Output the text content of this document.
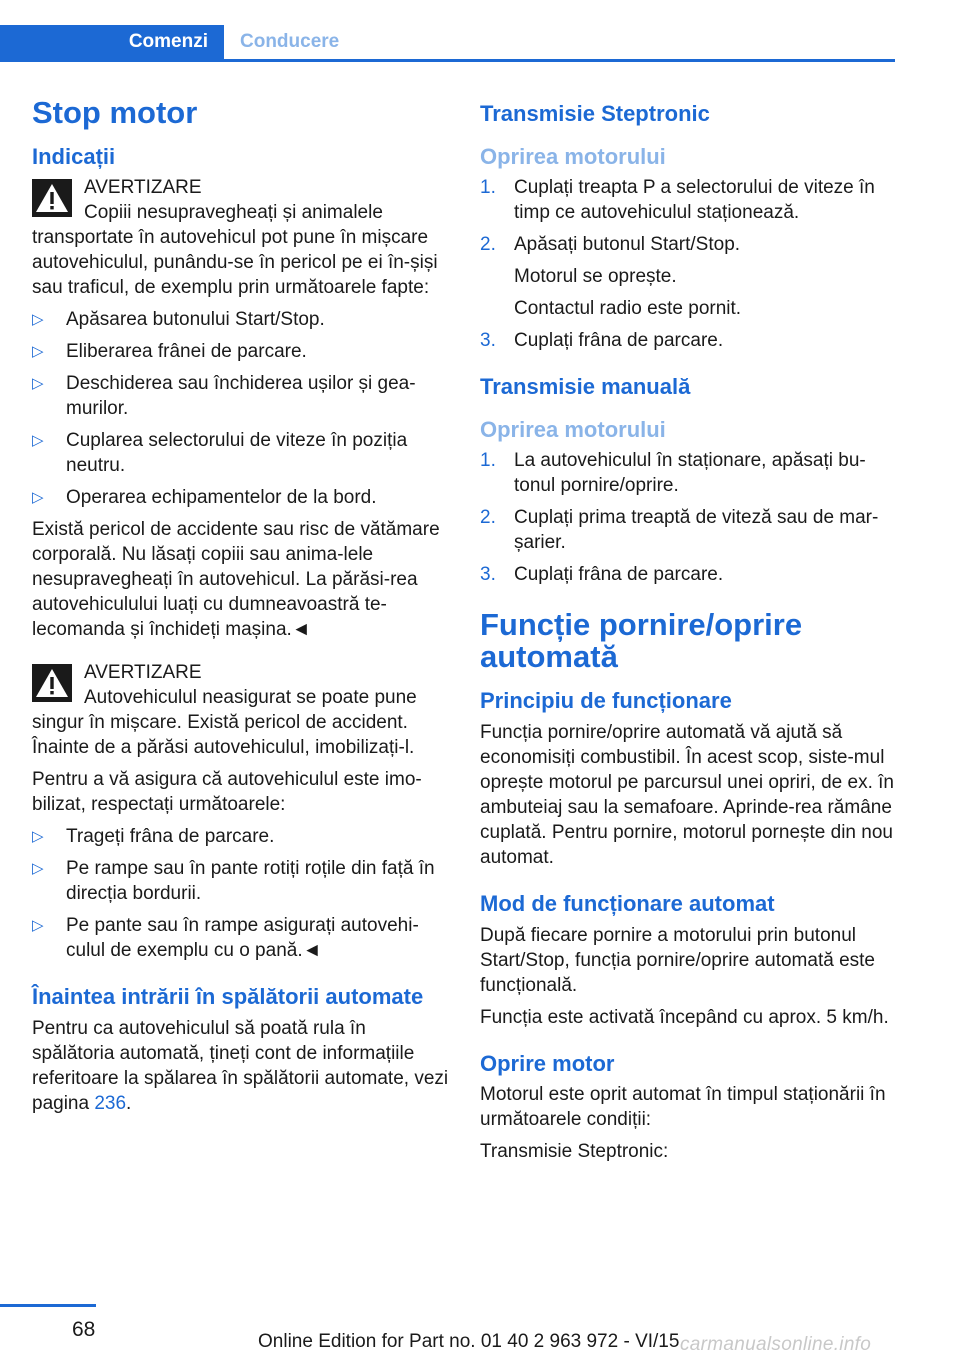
Comenzi	Conducere
Stop motor
Indicații
AVERTIZARE
Copiii nesupravegheați și animalele transportate în autovehicul pot pune în mișcare autovehiculul, punându-se în pericol pe ei în-șiși sau traficul, de exemplu prin următoarele fapte:
▷ Apăsarea butonului Start/Stop.
▷ Eliberarea frânei de parcare.
▷ Deschiderea sau închiderea ușilor și gea-murilor.
▷ Cuplarea selectorului de viteze în poziția neutru.
▷ Operarea echipamentelor de la bord.

Există pericol de accidente sau risc de vătămare corporală. Nu lăsați copiii sau anima-lele nesupravegheați în autovehicul. La părăsi-rea autovehiculului luați cu dumneavoastră te-lecomanda și închideți mașina.◄

AVERTIZARE
Autovehiculul neasigurat se poate pune singur în mișcare. Există pericol de accident. Înainte de a părăsi autovehiculul, imobilizați-l.

Pentru a vă asigura că autovehiculul este imo-bilizat, respectați următoarele:

▷ Trageți frâna de parcare.
▷ Pe rampe sau în pante rotiți roțile din față în direcția bordurii.
▷ Pe pante sau în rampe asigurați autovehi-culul de exemplu cu o pană.◄
Înaintea intrării în spălătorii automate

Pentru ca autovehiculul să poată rula în spălătoria automată, țineți cont de informațiile referitoare la spălarea în spălătorii automate, vezi pagina 236.

Transmisie Steptronic
Oprirea motorului
1. Cuplați treapta P a selectorului de viteze în timp ce autovehiculul staționează.
2. Apăsați butonul Start/Stop.
Motorul se oprește.
Contactul radio este pornit.
3. Cuplați frâna de parcare.
Transmisie manuală
Oprirea motorului
1. La autovehiculul în staționare, apăsați bu-tonul pornire/oprire.
2. Cuplați prima treaptă de viteză sau de mar-șarier.
3. Cuplați frâna de parcare.
Funcție pornire/oprire automată
Principiu de funcționare

Funcția pornire/oprire automată vă ajută să economisiți combustibil. În acest scop, siste-mul oprește motorul pe parcursul unei opriri, de ex. în ambuteiaj sau la semafoare. Aprinde-rea rămâne cuplată. Pentru pornire, motorul pornește din nou automat.

Mod de funcționare automat

După fiecare pornire a motorului prin butonul Start/Stop, funcția pornire/oprire automată este funcțională.

Funcția este activată începând cu aprox. 5 km/h.

Oprire motor

Motorul este oprit automat în timpul staționării în următoarele condiții:

Transmisie Steptronic:

68
Online Edition for Part no. 01 40 2 963 972 - VI/15 carmanualsonline.info
